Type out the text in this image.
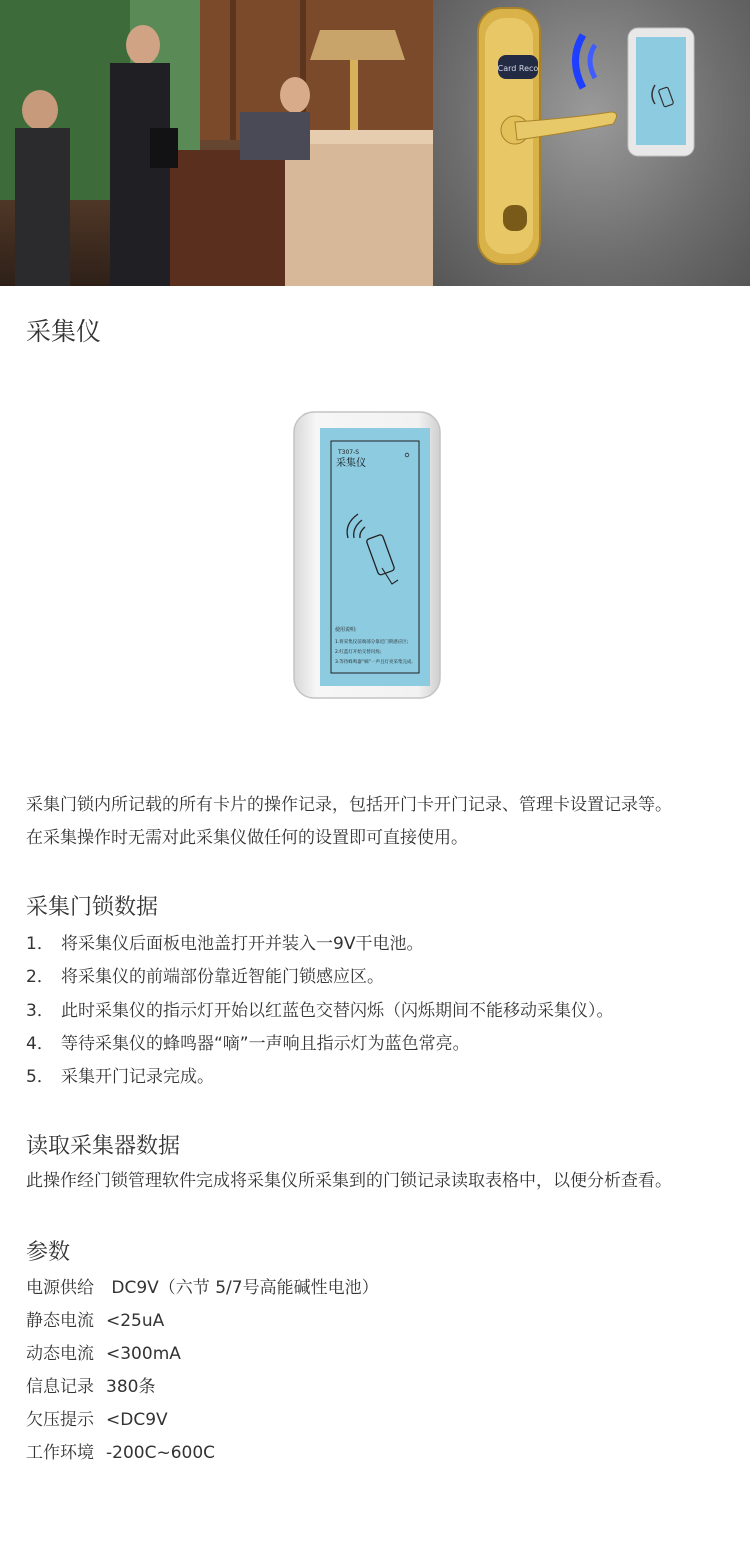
Card Reco
采集仪
T307-S
采集仪
使用说明:
1.将采集仪前端部分靠近门锁感应区;
2.红蓝灯开始交替闪烁;
3.等待蜂鸣器“嘀”一声且灯亮采集完成.
采集门锁内所记载的所有卡片的操作记录，包括开门卡开门记录、管理卡设置记录等。
在采集操作时无需对此采集仪做任何的设置即可直接使用。
采集门锁数据
1． 将采集仪后面板电池盖打开并装入一9V干电池。
2． 将采集仪的前端部份靠近智能门锁感应区。
3． 此时采集仪的指示灯开始以红蓝色交替闪烁（闪烁期间不能移动采集仪）。
4． 等待采集仪的蜂鸣器“嘀”一声响且指示灯为蓝色常亮。
5． 采集开门记录完成。
读取采集器数据
此操作经门锁管理软件完成将采集仪所采集到的门锁记录读取表格中，以便分析查看。
参数
电源供给 DC9V（六节 5/7号高能碱性电池）
静态电流 <25uA
动态电流 <300mA
信息记录 380条
欠压提示 <DC9V
工作环境 -200C~600C
